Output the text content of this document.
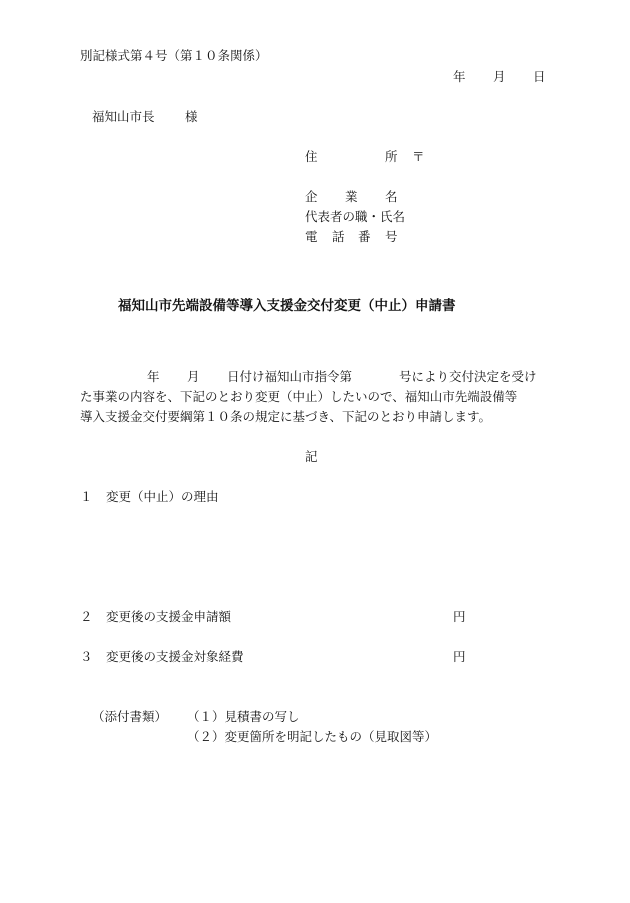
別記様式第４号（第１０条関係）
年 月 日
福知山市長 様
住	所 〒
企 業 名
代表者の職・氏名
電 話 番 号
福知山市先端設備等導入支援金交付変更（中止）申請書
年 月 日付け福知山市指令第	号により交付決定を受け
た事業の内容を、下記のとおり変更（中止）したいので、福知山市先端設備等
導入支援金交付要綱第１０条の規定に基づき、下記のとおり申請します。
記
１ 変更（中止）の理由
２ 変更後の支援金申請額	円
３ 変更後の支援金対象経費	円
（添付書類） （１）見積書の写し
（２）変更箇所を明記したもの（見取図等）
